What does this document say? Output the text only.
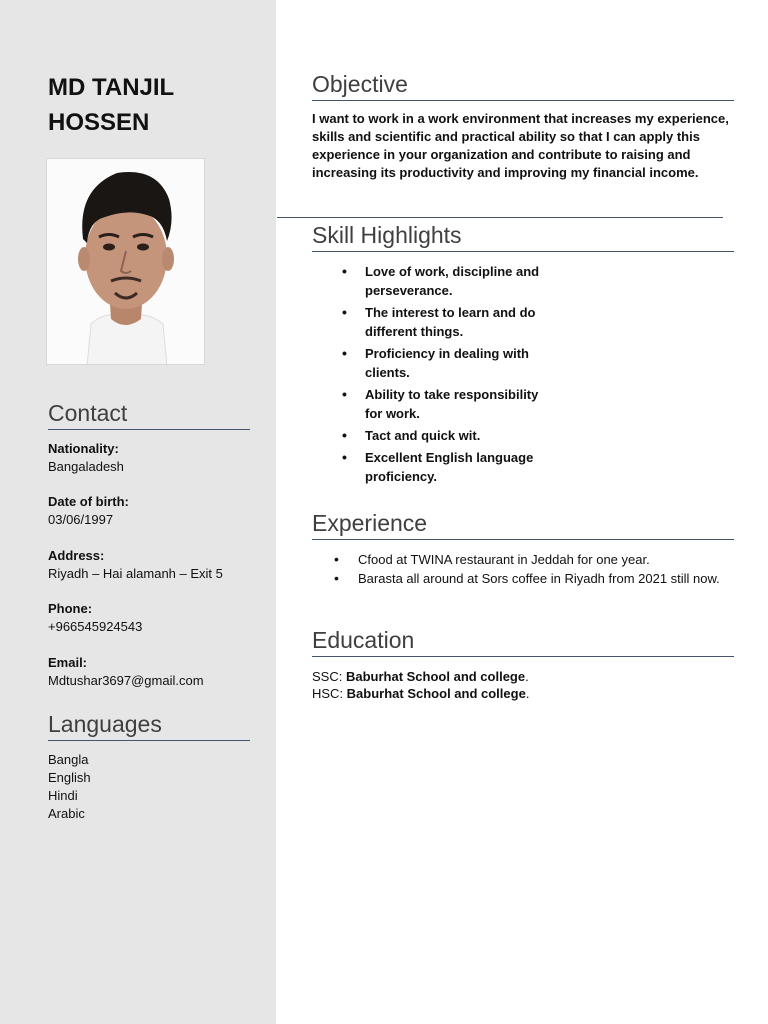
MD TANJIL
HOSSEN
Contact
Nationality:
Bangaladesh
Date of birth:
03/06/1997
Address:
Riyadh – Hai alamanh – Exit 5
Phone:
+966545924543
Email:
Mdtushar3697@gmail.com
Languages
Bangla
English
Hindi
Arabic
Objective
I want to work in a work environment that increases my experience, skills and scientific and practical ability so that I can apply this experience in your organization and contribute to raising and increasing its productivity and improving my financial income.
Skill Highlights
• Love of work, discipline and perseverance.
• The interest to learn and do different things.
• Proficiency in dealing with clients.
• Ability to take responsibility for work.
• Tact and quick wit.
• Excellent English language proficiency.
Experience
• Cfood at TWINA restaurant in Jeddah for one year.
• Barasta all around at Sors coffee in Riyadh from 2021 still now.
Education
SSC: Baburhat School and college.
HSC: Baburhat School and college.
